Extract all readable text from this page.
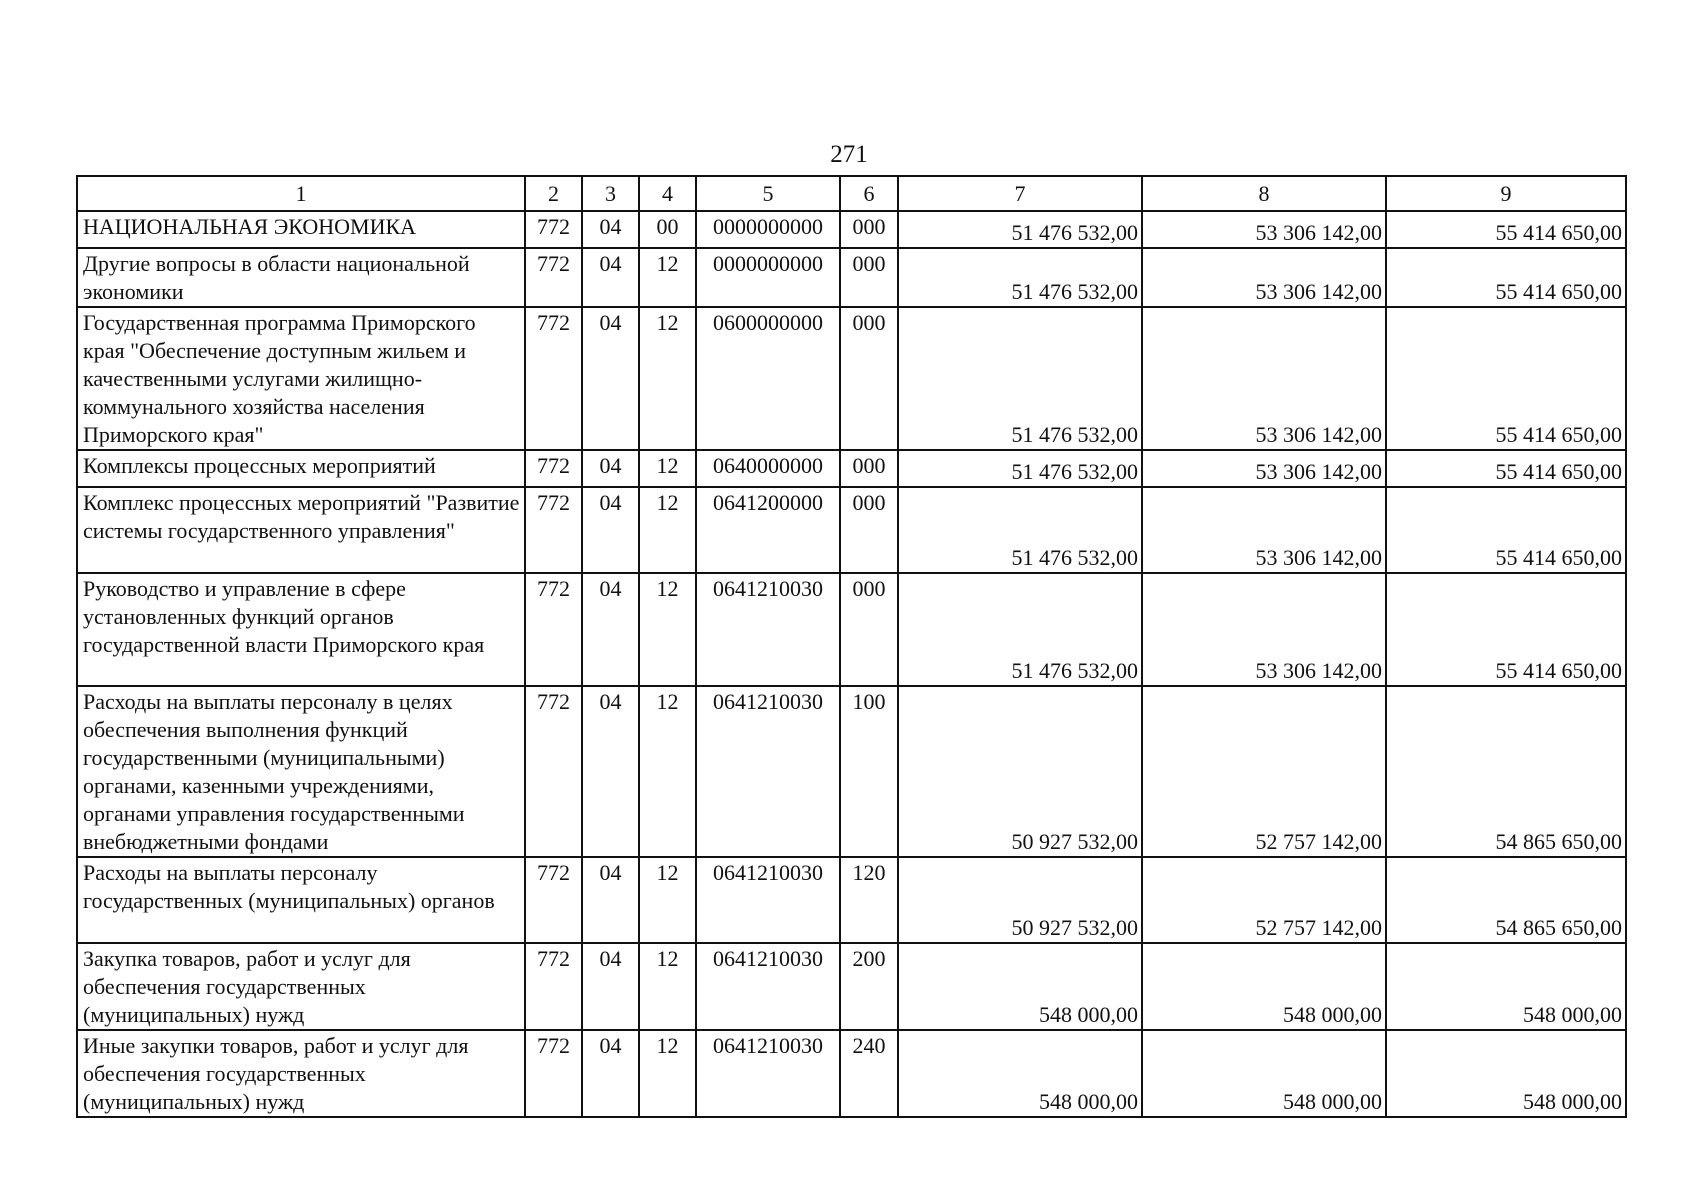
271
1	2	3	4	5	6	7	8	9
НАЦИОНАЛЬНАЯ ЭКОНОМИКА	772	04	00	0000000000	000	51 476 532,00	53 306 142,00	55 414 650,00
Другие вопросы в области национальной экономики	772	04	12	0000000000	000	51 476 532,00	53 306 142,00	55 414 650,00
Государственная программа Приморского края "Обеспечение доступным жильем и качественными услугами жилищно-коммунального хозяйства населения Приморского края"	772	04	12	0600000000	000	51 476 532,00	53 306 142,00	55 414 650,00
Комплексы процессных мероприятий	772	04	12	0640000000	000	51 476 532,00	53 306 142,00	55 414 650,00
Комплекс процессных мероприятий "Развитие системы государственного управления"	772	04	12	0641200000	000	51 476 532,00	53 306 142,00	55 414 650,00
Руководство и управление в сфере установленных функций органов государственной власти Приморского края	772	04	12	0641210030	000	51 476 532,00	53 306 142,00	55 414 650,00
Расходы на выплаты персоналу в целях обеспечения выполнения функций государственными (муниципальными) органами, казенными учреждениями, органами управления государственными внебюджетными фондами	772	04	12	0641210030	100	50 927 532,00	52 757 142,00	54 865 650,00
Расходы на выплаты персоналу государственных (муниципальных) органов	772	04	12	0641210030	120	50 927 532,00	52 757 142,00	54 865 650,00
Закупка товаров, работ и услуг для обеспечения государственных (муниципальных) нужд	772	04	12	0641210030	200	548 000,00	548 000,00	548 000,00
Иные закупки товаров, работ и услуг для обеспечения государственных (муниципальных) нужд	772	04	12	0641210030	240	548 000,00	548 000,00	548 000,00
